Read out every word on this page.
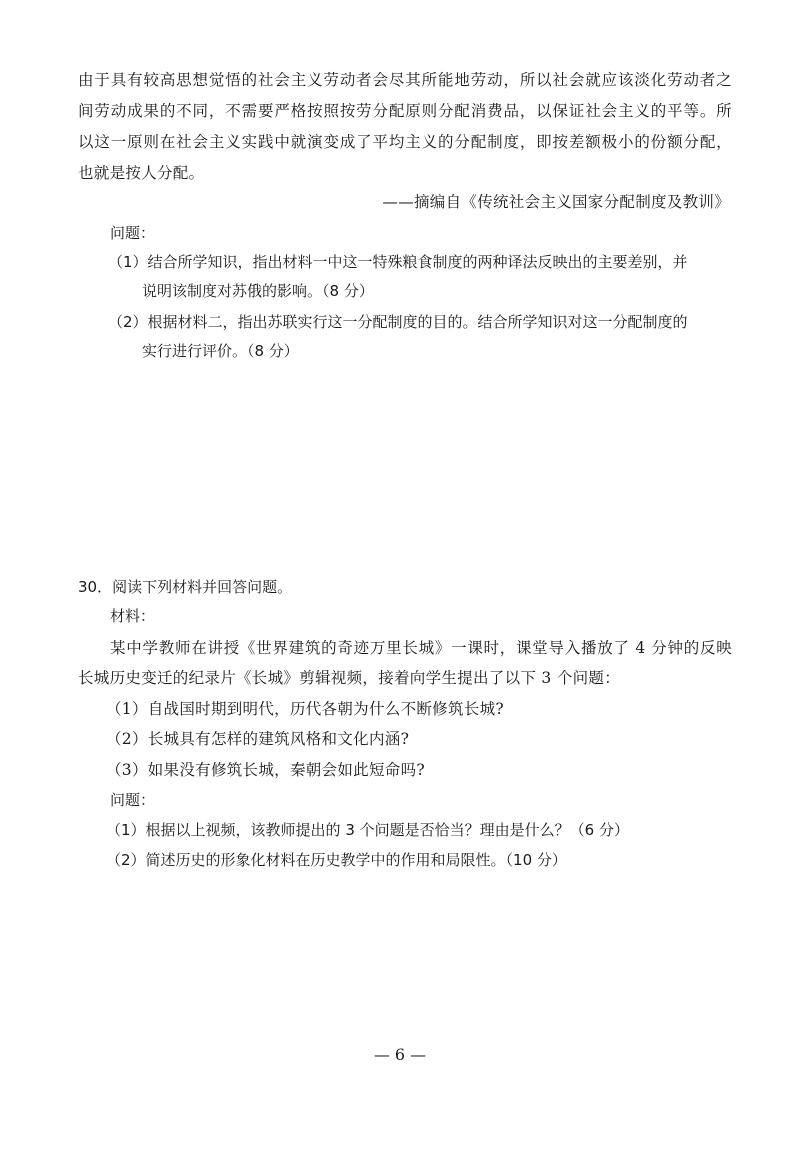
由于具有较高思想觉悟的社会主义劳动者会尽其所能地劳动，所以社会就应该淡化劳动者之
间劳动成果的不同，不需要严格按照按劳分配原则分配消费品，以保证社会主义的平等。所
以这一原则在社会主义实践中就演变成了平均主义的分配制度，即按差额极小的份额分配，
也就是按人分配。
——摘编自《传统社会主义国家分配制度及教训》
问题：
（1）结合所学知识，指出材料一中这一特殊粮食制度的两种译法反映出的主要差别，并
说明该制度对苏俄的影响。（8 分）
（2）根据材料二，指出苏联实行这一分配制度的目的。结合所学知识对这一分配制度的
实行进行评价。（8 分）
30．阅读下列材料并回答问题。
材料：
某中学教师在讲授《世界建筑的奇迹万里长城》一课时，课堂导入播放了 4 分钟的反映
长城历史变迁的纪录片《长城》剪辑视频，接着向学生提出了以下 3 个问题：
（1）自战国时期到明代，历代各朝为什么不断修筑长城?
（2）长城具有怎样的建筑风格和文化内涵?
（3）如果没有修筑长城，秦朝会如此短命吗?
问题：
（1）根据以上视频，该教师提出的 3 个问题是否恰当？理由是什么？（6 分）
（2）简述历史的形象化材料在历史教学中的作用和局限性。（10 分）
— 6 —
